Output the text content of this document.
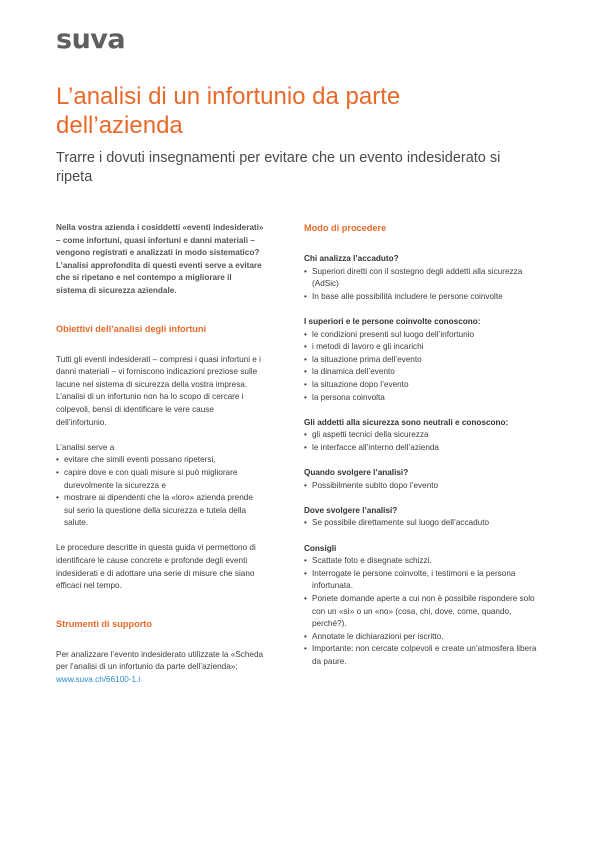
suva
L’analisi di un infortunio da parte dell’azienda
Trarre i dovuti insegnamenti per evitare che un evento indesiderato si ripeta

Nella vostra azienda i cosiddetti «eventi indesiderati» – come infortuni, quasi infortuni e danni materiali – vengono registrati e analizzati in modo sistematico? L’analisi approfondita di questi eventi serve a evitare che si ripetano e nel contempo a migliorare il sistema di sicurezza aziendale.

Obiettivi dell’analisi degli infortuni

Tutti gli eventi indesiderati – compresi i quasi infortuni e i danni materiali – vi forniscono indicazioni preziose sulle lacune nel sistema di sicurezza della vostra impresa. L’analisi di un infortunio non ha lo scopo di cercare i colpevoli, bensì di identificare le vere cause dell’infortunio.

L’analisi serve a

• evitare che simili eventi possano ripetersi,
• capire dove e con quali misure si può migliorare durevolmente la sicurezza e
• mostrare ai dipendenti che la «loro» azienda prende sul serio la questione della sicurezza e tutela della salute.

Le procedure descritte in questa guida vi permettono di identificare le cause concrete e profonde degli eventi indesiderati e di adottare una serie di misure che siano efficaci nel tempo.

Strumenti di supporto

Per analizzare l’evento indesiderato utilizzate la «Scheda per l’analisi di un infortunio da parte dell’azienda»:

www.suva.ch/66100-1.i

Modo di procedere

Chi analizza l’accaduto?

• Superiori diretti con il sostegno degli addetti alla sicurezza (AdSic)
• In base alle possibilità includere le persone coinvolte

I superiori e le persone coinvolte conoscono:

• le condizioni presenti sul luogo dell’infortunio
• i metodi di lavoro e gli incarichi
• la situazione prima dell’evento
• la dinamica dell’evento
• la situazione dopo l’evento
• la persona coinvolta

Gli addetti alla sicurezza sono neutrali e conoscono:

• gli aspetti tecnici della sicurezza
• le interfacce all’interno dell’azienda

Quando svolgere l’analisi?

• Possibilmente subito dopo l’evento

Dove svolgere l’analisi?

• Se possibile direttamente sul luogo dell’accaduto

Consigli

• Scattate foto e disegnate schizzi.
• Interrogate le persone coinvolte, i testimoni e la persona infortunata.
• Ponete domande aperte a cui non è possibile rispondere solo con un «sì» o un «no» (cosa, chi, dove, come, quando, perché?).
• Annotate le dichiarazioni per iscritto.
• Importante: non cercate colpevoli e create un’atmosfera libera da paure.
